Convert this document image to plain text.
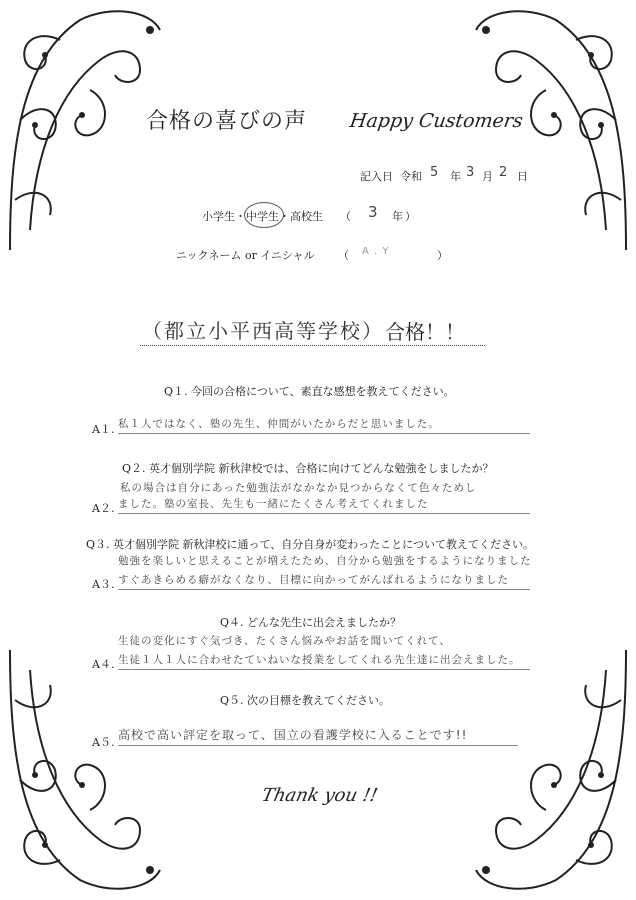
合格の喜びの声 Happy Customers
記入日 令和 5 年 3 月 2 日
小学生・中学生・高校生 （ 3 年 ）
ニックネーム or イニシャル （ A . Y	）
（都立小平西高等学校） 合格！！
Q１. 今回の合格について、素直な感想を教えてください。
A１. 私１人ではなく、塾の先生、仲間がいたからだと思いました。
Q２. 英才個別学院 新秋津校では、合格に向けてどんな勉強をしましたか？
私の場合は自分にあった勉強法がなかなか見つからなくて色々ためし
A２. ました。塾の室長、先生も一緒にたくさん考えてくれました
Q３. 英才個別学院 新秋津校に通って、自分自身が変わったことについて教えてください。
勉強を楽しいと思えることが増えたため、自分から勉強をするようになりました
A３. すぐあきらめる癖がなくなり、目標に向かってがんばれるようになりました
Q４. どんな先生に出会えましたか？
生徒の変化にすぐ気づき、たくさん悩みやお話を聞いてくれて、
A４. 生徒１人１人に合わせたていねいな授業をしてくれる先生達に出会えました。
Q５. 次の目標を教えてください。
A５.
高校で高い評定を取って、国立の看護学校に入ることです!!
Thank you !!
